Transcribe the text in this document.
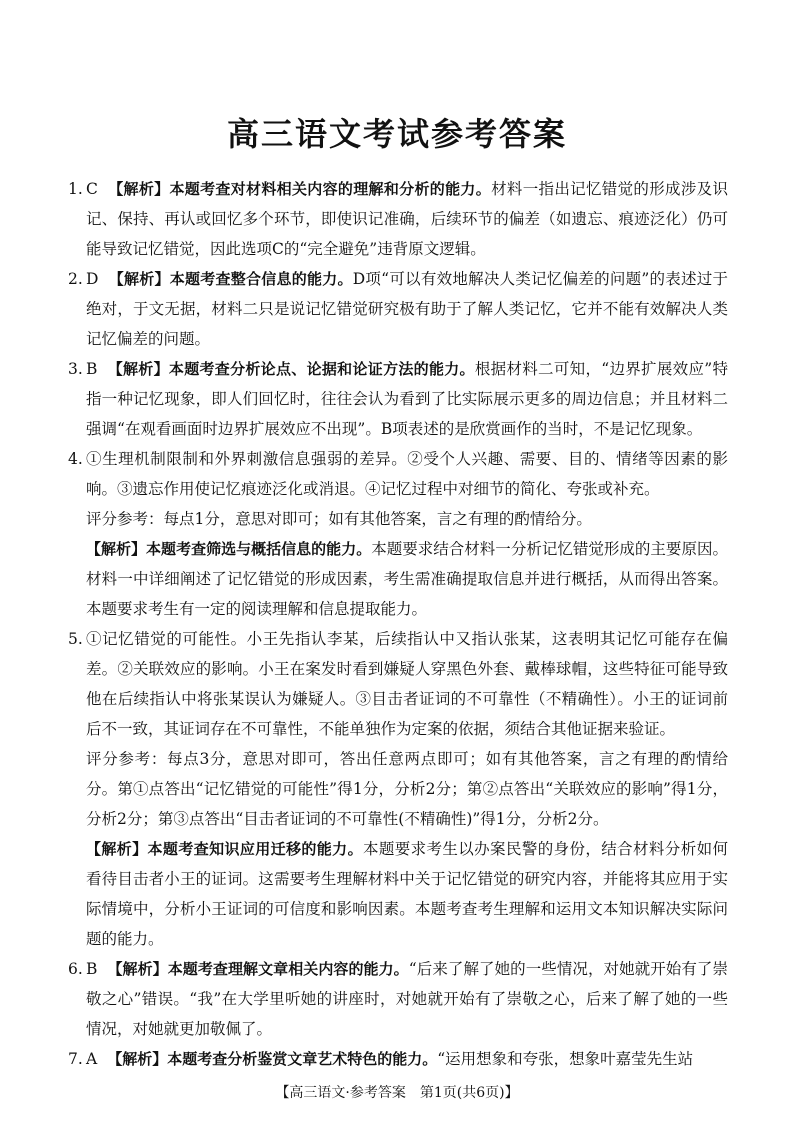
高三语文考试参考答案
1. C 【解析】本题考查对材料相关内容的理解和分析的能力。材料一指出记忆错觉的形成涉及识记、保持、再认或回忆多个环节，即使识记准确，后续环节的偏差（如遗忘、痕迹泛化）仍可能导致记忆错觉，因此选项C的“完全避免”违背原文逻辑。
2. D 【解析】本题考查整合信息的能力。D项“可以有效地解决人类记忆偏差的问题”的表述过于绝对，于文无据，材料二只是说记忆错觉研究极有助于了解人类记忆，它并不能有效解决人类记忆偏差的问题。
3. B 【解析】本题考查分析论点、论据和论证方法的能力。根据材料二可知，“边界扩展效应”特指一种记忆现象，即人们回忆时，往往会认为看到了比实际展示更多的周边信息；并且材料二强调“在观看画面时边界扩展效应不出现”。B项表述的是欣赏画作的当时，不是记忆现象。
4. ①生理机制限制和外界刺激信息强弱的差异。②受个人兴趣、需要、目的、情绪等因素的影响。③遗忘作用使记忆痕迹泛化或消退。④记忆过程中对细节的简化、夸张或补充。
评分参考：每点1分，意思对即可；如有其他答案，言之有理的酌情给分。
【解析】本题考查筛选与概括信息的能力。本题要求结合材料一分析记忆错觉形成的主要原因。材料一中详细阐述了记忆错觉的形成因素，考生需准确提取信息并进行概括，从而得出答案。本题要求考生有一定的阅读理解和信息提取能力。
5. ①记忆错觉的可能性。小王先指认李某，后续指认中又指认张某，这表明其记忆可能存在偏差。②关联效应的影响。小王在案发时看到嫌疑人穿黑色外套、戴棒球帽，这些特征可能导致他在后续指认中将张某误认为嫌疑人。③目击者证词的不可靠性（不精确性）。小王的证词前后不一致，其证词存在不可靠性，不能单独作为定案的依据，须结合其他证据来验证。
评分参考：每点3分，意思对即可，答出任意两点即可；如有其他答案，言之有理的酌情给分。第①点答出“记忆错觉的可能性”得1分，分析2分；第②点答出“关联效应的影响”得1分，分析2分；第③点答出“目击者证词的不可靠性(不精确性)”得1分，分析2分。
【解析】本题考查知识应用迁移的能力。本题要求考生以办案民警的身份，结合材料分析如何看待目击者小王的证词。这需要考生理解材料中关于记忆错觉的研究内容，并能将其应用于实际情境中，分析小王证词的可信度和影响因素。本题考查考生理解和运用文本知识解决实际问题的能力。
6. B 【解析】本题考查理解文章相关内容的能力。“后来了解了她的一些情况，对她就开始有了崇敬之心”错误。“我”在大学里听她的讲座时，对她就开始有了崇敬之心，后来了解了她的一些情况，对她就更加敬佩了。
7. A 【解析】本题考查分析鉴赏文章艺术特色的能力。“运用想象和夸张，想象叶嘉莹先生站
【高三语文·参考答案　第1页(共6页)】
